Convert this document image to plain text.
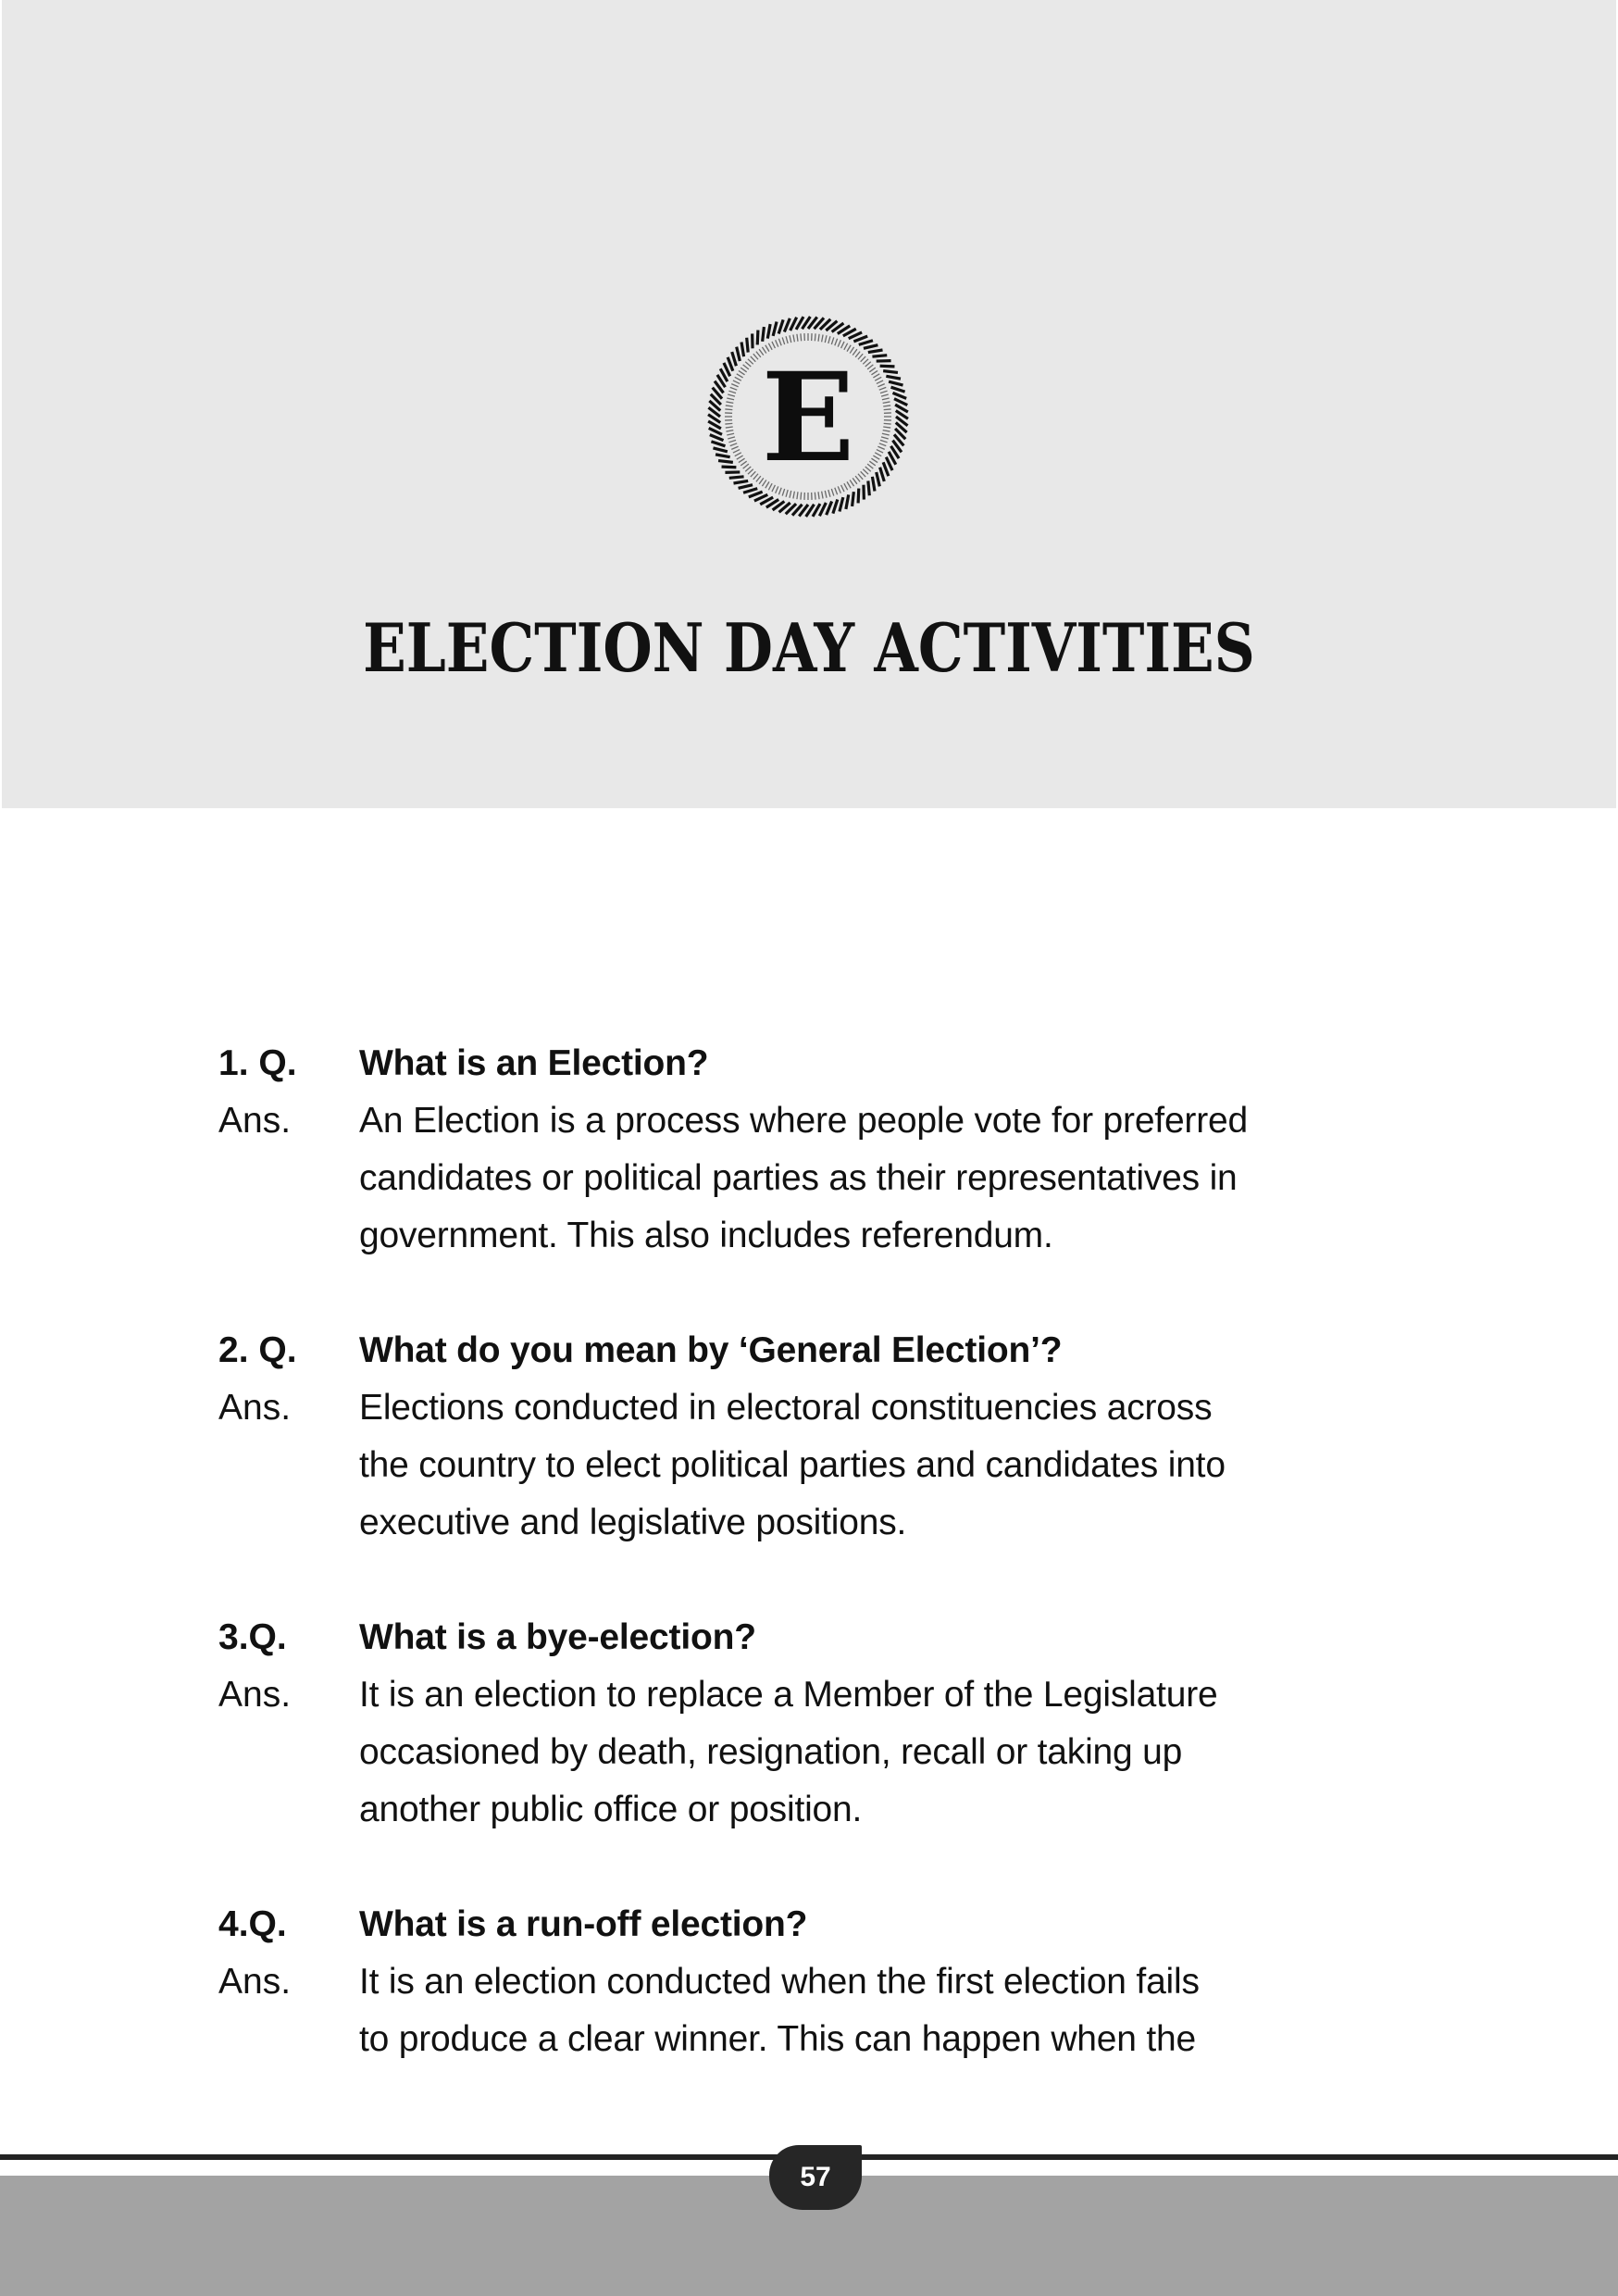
E
ELECTION DAY ACTIVITIES
1. Q. What is an Election?
Ans. An Election is a process where people vote for preferred
candidates or political parties as their representatives in
government. This also includes referendum.
2. Q. What do you mean by ‘General Election’?
Ans. Elections conducted in electoral constituencies across
the country to elect political parties and candidates into
executive and legislative positions.
3.Q. What is a bye-election?
Ans. It is an election to replace a Member of the Legislature
occasioned by death, resignation, recall or taking up
another public office or position.
4.Q. What is a run-off election?
Ans. It is an election conducted when the first election fails
to produce a clear winner. This can happen when the
57
